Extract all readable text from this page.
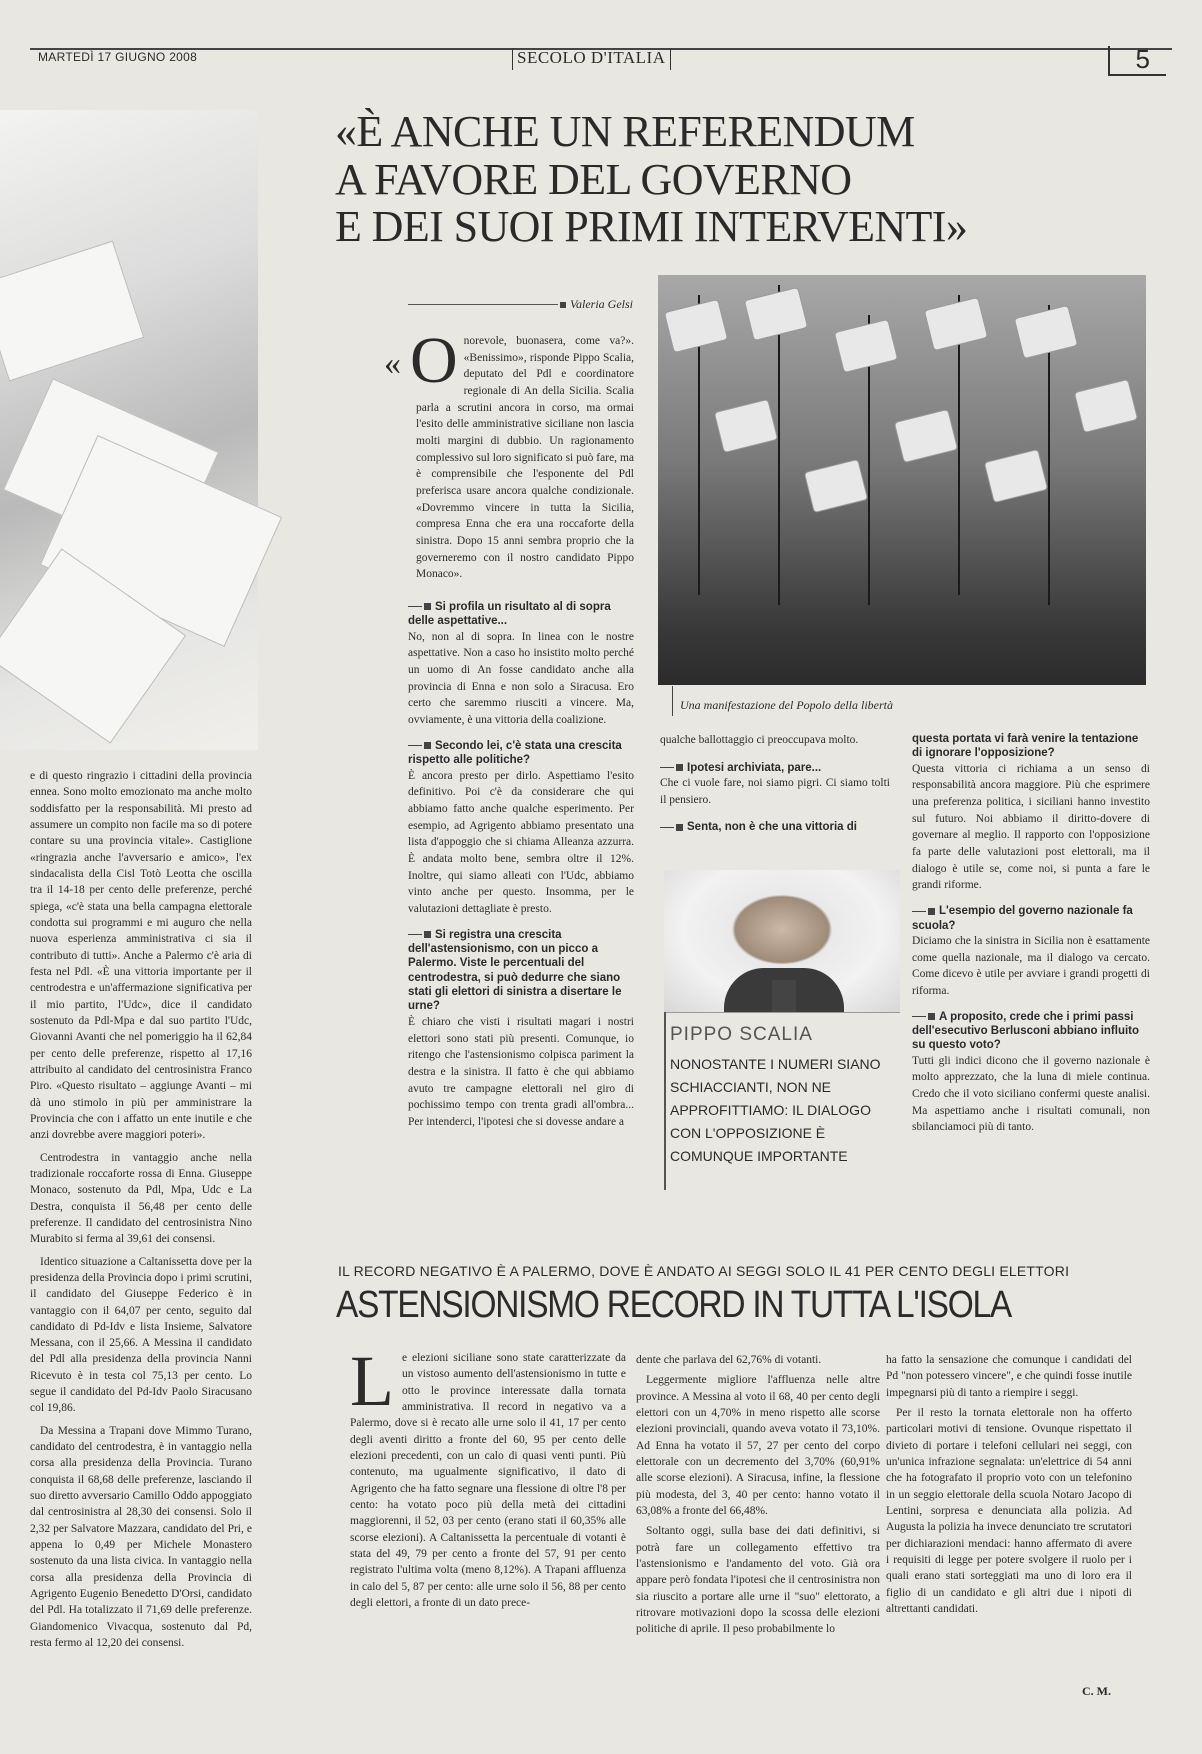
MARTEDÌ 17 GIUGNO 2008	SECOLO D'ITALIA	5
«È ANCHE UN REFERENDUM
A FAVORE DEL GOVERNO
E DEI SUOI PRIMI INTERVENTI»
Valeria Gelsi
« O norevole, buonasera, come va?». «Benissimo», risponde Pippo Scalia, deputato del Pdl e coordinatore regionale di An della Sicilia. Scalia parla a scrutini ancora in corso, ma ormai l'esito delle amministrative siciliane non lascia molti margini di dubbio. Un ragionamento complessivo sul loro significato si può fare, ma è comprensibile che l'esponente del Pdl preferisca usare ancora qualche condizionale. «Dovremmo vincere in tutta la Sicilia, compresa Enna che era una roccaforte della sinistra. Dopo 15 anni sembra proprio che la governeremo con il nostro candidato Pippo Monaco».

Si profila un risultato al di sopra delle aspettative...

No, non al di sopra. In linea con le nostre aspettative. Non a caso ho insistito molto perché un uomo di An fosse candidato anche alla provincia di Enna e non solo a Siracusa. Ero certo che saremmo riusciti a vincere. Ma, ovviamente, è una vittoria della coalizione.

Secondo lei, c'è stata una crescita rispetto alle politiche?

È ancora presto per dirlo. Aspettiamo l'esito definitivo. Poi c'è da considerare che qui abbiamo fatto anche qualche esperimento. Per esempio, ad Agrigento abbiamo presentato una lista d'appoggio che si chiama Alleanza azzurra. È andata molto bene, sembra oltre il 12%. Inoltre, qui siamo alleati con l'Udc, abbiamo vinto anche per questo. Insomma, per le valutazioni dettagliate è presto.

Si registra una crescita dell'astensionismo, con un picco a Palermo. Viste le percentuali del centrodestra, si può dedurre che siano stati gli elettori di sinistra a disertare le urne?

È chiaro che visti i risultati magari i nostri elettori sono stati più presenti. Comunque, io ritengo che l'astensionismo colpisca pariment la destra e la sinistra. Il fatto è che qui abbiamo avuto tre campagne elettorali nel giro di pochissimo tempo con trenta gradi all'ombra... Per intenderci, l'ipotesi che si dovesse andare a

Una manifestazione del Popolo della libertà

qualche ballottaggio ci preoccupava molto.

Ipotesi archiviata, pare...

Che ci vuole fare, noi siamo pigri. Ci siamo tolti il pensiero.

Senta, non è che una vittoria di

PIPPO SCALIA
NONOSTANTE I NUMERI SIANO SCHIACCIANTI, NON NE APPROFITTIAMO: IL DIALOGO CON L'OPPOSIZIONE È COMUNQUE IMPORTANTE

questa portata vi farà venire la tentazione di ignorare l'opposizione?

Questa vittoria ci richiama a un senso di responsabilità ancora maggiore. Più che esprimere una preferenza politica, i siciliani hanno investito sul futuro. Noi abbiamo il diritto-dovere di governare al meglio. Il rapporto con l'opposizione fa parte delle valutazioni post elettorali, ma il dialogo è utile se, come noi, si punta a fare le grandi riforme.

L'esempio del governo nazionale fa scuola?

Diciamo che la sinistra in Sicilia non è esattamente come quella nazionale, ma il dialogo va cercato. Come dicevo è utile per avviare i grandi progetti di riforma.

A proposito, crede che i primi passi dell'esecutivo Berlusconi abbiano influito su questo voto?

Tutti gli indici dicono che il governo nazionale è molto apprezzato, che la luna di miele continua. Credo che il voto siciliano confermi queste analisi. Ma aspettiamo anche i risultati comunali, non sbilanciamoci più di tanto.

e di questo ringrazio i cittadini della provincia ennea. Sono molto emozionato ma anche molto soddisfatto per la responsabilità. Mi presto ad assumere un compito non facile ma so di potere contare su una provincia vitale». Castiglione «ringrazia anche l'avversario e amico», l'ex sindacalista della Cisl Totò Leotta che oscilla tra il 14-18 per cento delle preferenze, perché spiega, «c'è stata una bella campagna elettorale condotta sui programmi e mi auguro che nella nuova esperienza amministrativa ci sia il contributo di tutti». Anche a Palermo c'è aria di festa nel Pdl. «È una vittoria importante per il centrodestra e un'affermazione significativa per il mio partito, l'Udc», dice il candidato sostenuto da Pdl-Mpa e dal suo partito l'Udc, Giovanni Avanti che nel pomeriggio ha il 62,84 per cento delle preferenze, rispetto al 17,16 attribuito al candidato del centrosinistra Franco Piro. «Questo risultato – aggiunge Avanti – mi dà uno stimolo in più per amministrare la Provincia che con i affatto un ente inutile e che anzi dovrebbe avere maggiori poteri».

Centrodestra in vantaggio anche nella tradizionale roccaforte rossa di Enna. Giuseppe Monaco, sostenuto da Pdl, Mpa, Udc e La Destra, conquista il 56,48 per cento delle preferenze. Il candidato del centrosinistra Nino Murabito si ferma al 39,61 dei consensi.

Identico situazione a Caltanissetta dove per la presidenza della Provincia dopo i primi scrutini, il candidato del Giuseppe Federico è in vantaggio con il 64,07 per cento, seguito dal candidato di Pd-Idv e lista Insieme, Salvatore Messana, con il 25,66. A Messina il candidato del Pdl alla presidenza della provincia Nanni Ricevuto è in testa col 75,13 per cento. Lo segue il candidato del Pd-Idv Paolo Siracusano col 19,86.

Da Messina a Trapani dove Mimmo Turano, candidato del centrodestra, è in vantaggio nella corsa alla presidenza della Provincia. Turano conquista il 68,68 delle preferenze, lasciando il suo diretto avversario Camillo Oddo appoggiato dal centrosinistra al 28,30 dei consensi. Solo il 2,32 per Salvatore Mazzara, candidato del Pri, e appena lo 0,49 per Michele Monastero sostenuto da una lista civica. In vantaggio nella corsa alla presidenza della Provincia di Agrigento Eugenio Benedetto D'Orsi, candidato del Pdl. Ha totalizzato il 71,69 delle preferenze. Giandomenico Vivacqua, sostenuto dal Pd, resta fermo al 12,20 dei consensi.

IL RECORD NEGATIVO È A PALERMO, DOVE È ANDATO AI SEGGI SOLO IL 41 PER CENTO DEGLI ELETTORI
ASTENSIONISMO RECORD IN TUTTA L'ISOLA
L e elezioni siciliane sono state caratterizzate da un vistoso aumento dell'astensionismo in tutte e otto le province interessate dalla tornata amministrativa. Il record in negativo va a Palermo, dove si è recato alle urne solo il 41, 17 per cento degli aventi diritto a fronte del 60, 95 per cento delle elezioni precedenti, con un calo di quasi venti punti. Più contenuto, ma ugualmente significativo, il dato di Agrigento che ha fatto segnare una flessione di oltre l'8 per cento: ha votato poco più della metà dei cittadini maggiorenni, il 52, 03 per cento (erano stati il 60,35% alle scorse elezioni). A Caltanissetta la percentuale di votanti è stata del 49, 79 per cento a fronte del 57, 91 per cento registrato l'ultima volta (meno 8,12%). A Trapani affluenza in calo del 5, 87 per cento: alle urne solo il 56, 88 per cento degli elettori, a fronte di un dato prece-

dente che parlava del 62,76% di votanti.

Leggermente migliore l'affluenza nelle altre province. A Messina al voto il 68, 40 per cento degli elettori con un 4,70% in meno rispetto alle scorse elezioni provinciali, quando aveva votato il 73,10%. Ad Enna ha votato il 57, 27 per cento del corpo elettorale con un decremento del 3,70% (60,91% alle scorse elezioni). A Siracusa, infine, la flessione più modesta, del 3, 40 per cento: hanno votato il 63,08% a fronte del 66,48%.

Soltanto oggi, sulla base dei dati definitivi, si potrà fare un collegamento effettivo tra l'astensionismo e l'andamento del voto. Già ora appare però fondata l'ipotesi che il centrosinistra non sia riuscito a portare alle urne il "suo" elettorato, a ritrovare motivazioni dopo la scossa delle elezioni politiche di aprile. Il peso probabilmente lo

ha fatto la sensazione che comunque i candidati del Pd "non potessero vincere", e che quindi fosse inutile impegnarsi più di tanto a riempire i seggi.

Per il resto la tornata elettorale non ha offerto particolari motivi di tensione. Ovunque rispettato il divieto di portare i telefoni cellulari nei seggi, con un'unica infrazione segnalata: un'elettrice di 54 anni che ha fotografato il proprio voto con un telefonino in un seggio elettorale della scuola Notaro Jacopo di Lentini, sorpresa e denunciata alla polizia. Ad Augusta la polizia ha invece denunciato tre scrutatori per dichiarazioni mendaci: hanno affermato di avere i requisiti di legge per potere svolgere il ruolo per i quali erano stati sorteggiati ma uno di loro era il figlio di un candidato e gli altri due i nipoti di altrettanti candidati.

C. M.
